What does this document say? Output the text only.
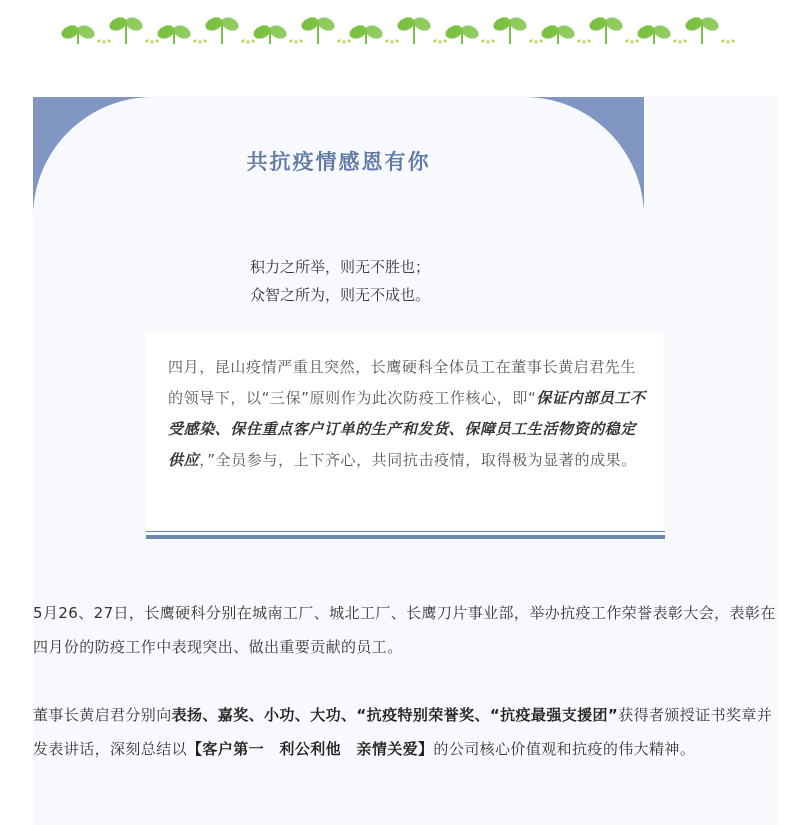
共抗疫情感恩有你
积力之所举，则无不胜也；
众智之所为，则无不成也。
四月，昆山疫情严重且突然，长鹰硬科全体员工在董事长黄启君先生的领导下，以“三保”原则作为此次防疫工作核心，即“保证内部员工不受感染、保住重点客户订单的生产和发货、保障员工生活物资的稳定供应，”全员参与，上下齐心，共同抗击疫情，取得极为显著的成果。
5月26、27日，长鹰硬科分别在城南工厂、城北工厂、长鹰刀片事业部，举办抗疫工作荣誉表彰大会，表彰在四月份的防疫工作中表现突出、做出重要贡献的员工。
董事长黄启君分别向表扬、嘉奖、小功、大功、“抗疫特别荣誉奖、“抗疫最强支援团”获得者颁授证书奖章并发表讲话，深刻总结以【客户第一　利公利他　亲情关爱】的公司核心价值观和抗疫的伟大精神。
